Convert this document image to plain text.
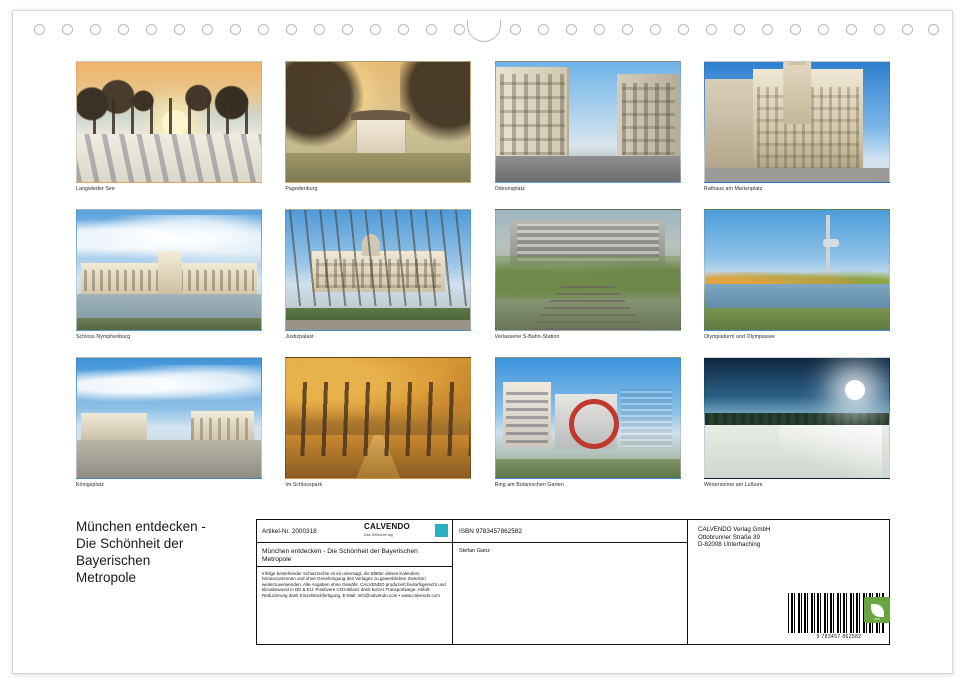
Langwieder See	Pagodenburg	Odeonsplatz	Rathaus am Marienplatz
Schloss Nymphenburg	Justizpalast	Verlassene S-Bahn-Station	Olympiaturm und Olympiasee
Königsplatz	Im Schlosspark	Ring am Botanischen Garten	Wintersonne am Lußsee
München entdecken -
Die Schönheit der
Bayerischen
Metropole
Artikel-Nr. 2000318	CALVENDO
Das Selbstverlag
München entdecken - Die Schönheit der Bayerischen Metropole
Infolge bestehender Schutzrechte ist es untersagt, die Blätter dieses Kalenders herauszutrennen und ohne Genehmigung des Verlages zu gewerblichen Zwecken weiterzuverwenden. Alle Angaben ohne Gewähr. CALVENDO produziert bedarfsgerecht und klimabewusst in DE & EU: Positivere CO2-Bilanz dank kurzer Transportwege. Abfall-Reduzierung dank Einzelstückfertigung. E-Mail: info@calvendo.com • www.calvendo.com
ISBN 9783457862582
Stefan Ganz
CALVENDO Verlag GmbH
Ottobrunner Straße 39
D-82008 Unterhaching
9 783457 862582
eco
